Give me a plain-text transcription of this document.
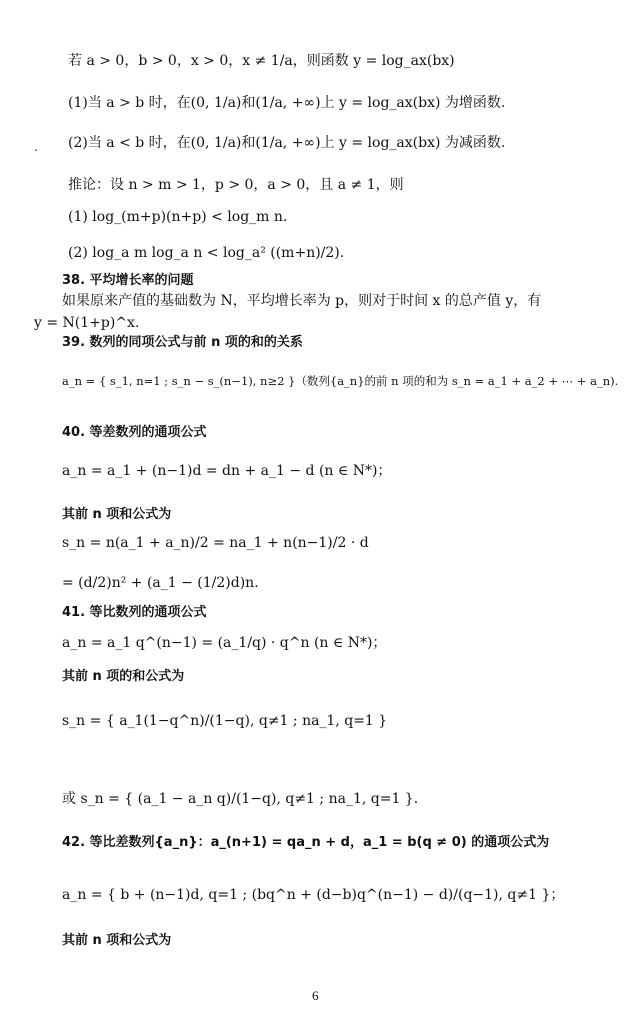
若 a > 0，b > 0，x > 0，x ≠ 1/a，则函数 y = log_ax(bx)
(1)当 a > b 时，在(0, 1/a)和(1/a, +∞)上 y = log_ax(bx) 为增函数.
. (2)当 a < b 时，在(0, 1/a)和(1/a, +∞)上 y = log_ax(bx) 为减函数.
推论：设 n > m > 1，p > 0，a > 0，且 a ≠ 1，则
(1) log_(m+p)(n+p) < log_m n.
(2) log_a m log_a n < log_a² ((m+n)/2).
38. 平均增长率的问题
如果原来产值的基础数为 N，平均增长率为 p，则对于时间 x 的总产值 y，有
y = N(1+p)^x.
39. 数列的同项公式与前 n 项的和的关系
a_n = { s_1, n=1 ; s_n − s_(n−1), n≥2 }（数列{a_n}的前 n 项的和为 s_n = a_1 + a_2 + ⋯ + a_n).
40. 等差数列的通项公式
a_n = a_1 + (n−1)d = dn + a_1 − d (n ∈ N*)；
其前 n 项和公式为
s_n = n(a_1 + a_n)/2 = na_1 + n(n−1)/2 · d
= (d/2)n² + (a_1 − (1/2)d)n.
41. 等比数列的通项公式
a_n = a_1 q^(n−1) = (a_1/q) · q^n (n ∈ N*)；
其前 n 项的和公式为
s_n = { a_1(1−q^n)/(1−q), q≠1 ; na_1, q=1 }
或 s_n = { (a_1 − a_n q)/(1−q), q≠1 ; na_1, q=1 }.
42. 等比差数列{a_n}：a_(n+1) = qa_n + d，a_1 = b(q ≠ 0) 的通项公式为
a_n = { b + (n−1)d, q=1 ; (bq^n + (d−b)q^(n−1) − d)/(q−1), q≠1 }；
其前 n 项和公式为
6
